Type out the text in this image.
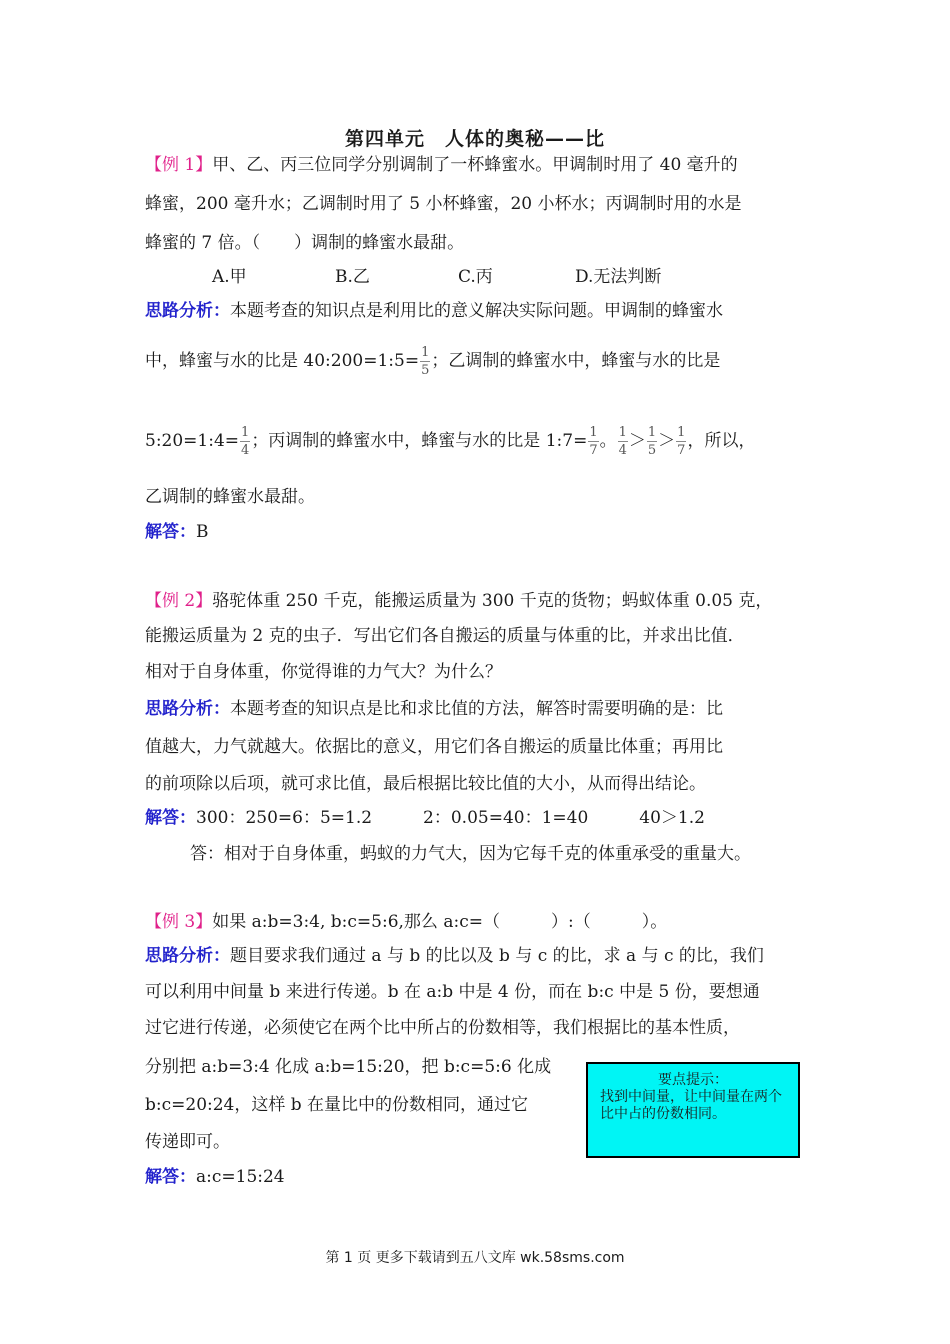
第四单元　人体的奥秘——比
【例 1】甲、乙、丙三位同学分别调制了一杯蜂蜜水。甲调制时用了 40 毫升的
蜂蜜，200 毫升水；乙调制时用了 5 小杯蜂蜜，20 小杯水；丙调制时用的水是
蜂蜜的 7 倍。（　　）调制的蜂蜜水最甜。
A.甲	B.乙	C.丙	D.无法判断
思路分析：本题考查的知识点是利用比的意义解决实际问题。甲调制的蜂蜜水
中，蜂蜜与水的比是 40:200=1:5= $\frac{1}{5}$ ；乙调制的蜂蜜水中，蜂蜜与水的比是
5:20=1:4= $\frac{1}{4}$ ；丙调制的蜂蜜水中，蜂蜜与水的比是 1:7= $\frac{1}{7}$ 。 $\frac{1}{4} > \frac{1}{5} > \frac{1}{7}$ ，所以，
乙调制的蜂蜜水最甜。
解答：B
【例 2】骆驼体重 250 千克，能搬运质量为 300 千克的货物；蚂蚁体重 0.05 克，
能搬运质量为 2 克的虫子．写出它们各自搬运的质量与体重的比，并求出比值．
相对于自身体重，你觉得谁的力气大？为什么？
思路分析：本题考查的知识点是比和求比值的方法，解答时需要明确的是：比
值越大，力气就越大。依据比的意义，用它们各自搬运的质量比体重；再用比
的前项除以后项，就可求比值，最后根据比较比值的大小，从而得出结论。
解答：300：250=6：5=1.2　　　2：0.05=40：1=40　　　40＞1.2
答：相对于自身体重，蚂蚁的力气大，因为它每千克的体重承受的重量大。
【例 3】如果 a:b=3:4, b:c=5:6,那么 a:c=（　　　）:（　　　）。
思路分析：题目要求我们通过 a 与 b 的比以及 b 与 c 的比，求 a 与 c 的比，我们
可以利用中间量 b 来进行传递。b 在 a:b 中是 4 份，而在 b:c 中是 5 份，要想通
过它进行传递，必须使它在两个比中所占的份数相等，我们根据比的基本性质，
分别把 a:b=3:4 化成 a:b=15:20，把 b:c=5:6 化成
b:c=20:24，这样 b 在量比中的份数相同，通过它
传递即可。
解答：a:c=15:24
要点提示：
找到中间量，让中间量在两个比中占的份数相同。
第 1 页 更多下载请到五八文库 wk.58sms.com
